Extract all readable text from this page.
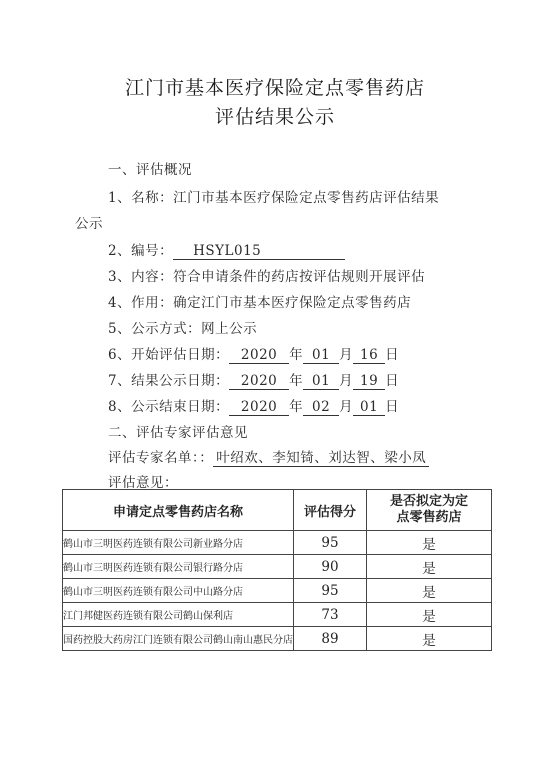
江门市基本医疗保险定点零售药店
评估结果公示
一、评估概况
1、名称：江门市基本医疗保险定点零售药店评估结果
公示
2、编号： HSYL015
3、内容：符合申请条件的药店按评估规则开展评估
4、作用：确定江门市基本医疗保险定点零售药店
5、公示方式：网上公示
6、开始评估日期： 2020 年 01 月 16 日
7、结果公示日期： 2020 年 01 月 19 日
8、公示结束日期： 2020 年 02 月 01 日
二、评估专家评估意见
评估专家名单：： 叶绍欢、李知锜、刘达智、梁小凤
评估意见：
申请定点零售药店名称	评估得分	是否拟定为定
点零售药店
鹤山市三明医药连锁有限公司新业路分店	95	是
鹤山市三明医药连锁有限公司银行路分店	90	是
鹤山市三明医药连锁有限公司中山路分店	95	是
江门邦健医药连锁有限公司鹤山保利店	73	是
国药控股大药房江门连锁有限公司鹤山南山惠民分店	89	是
